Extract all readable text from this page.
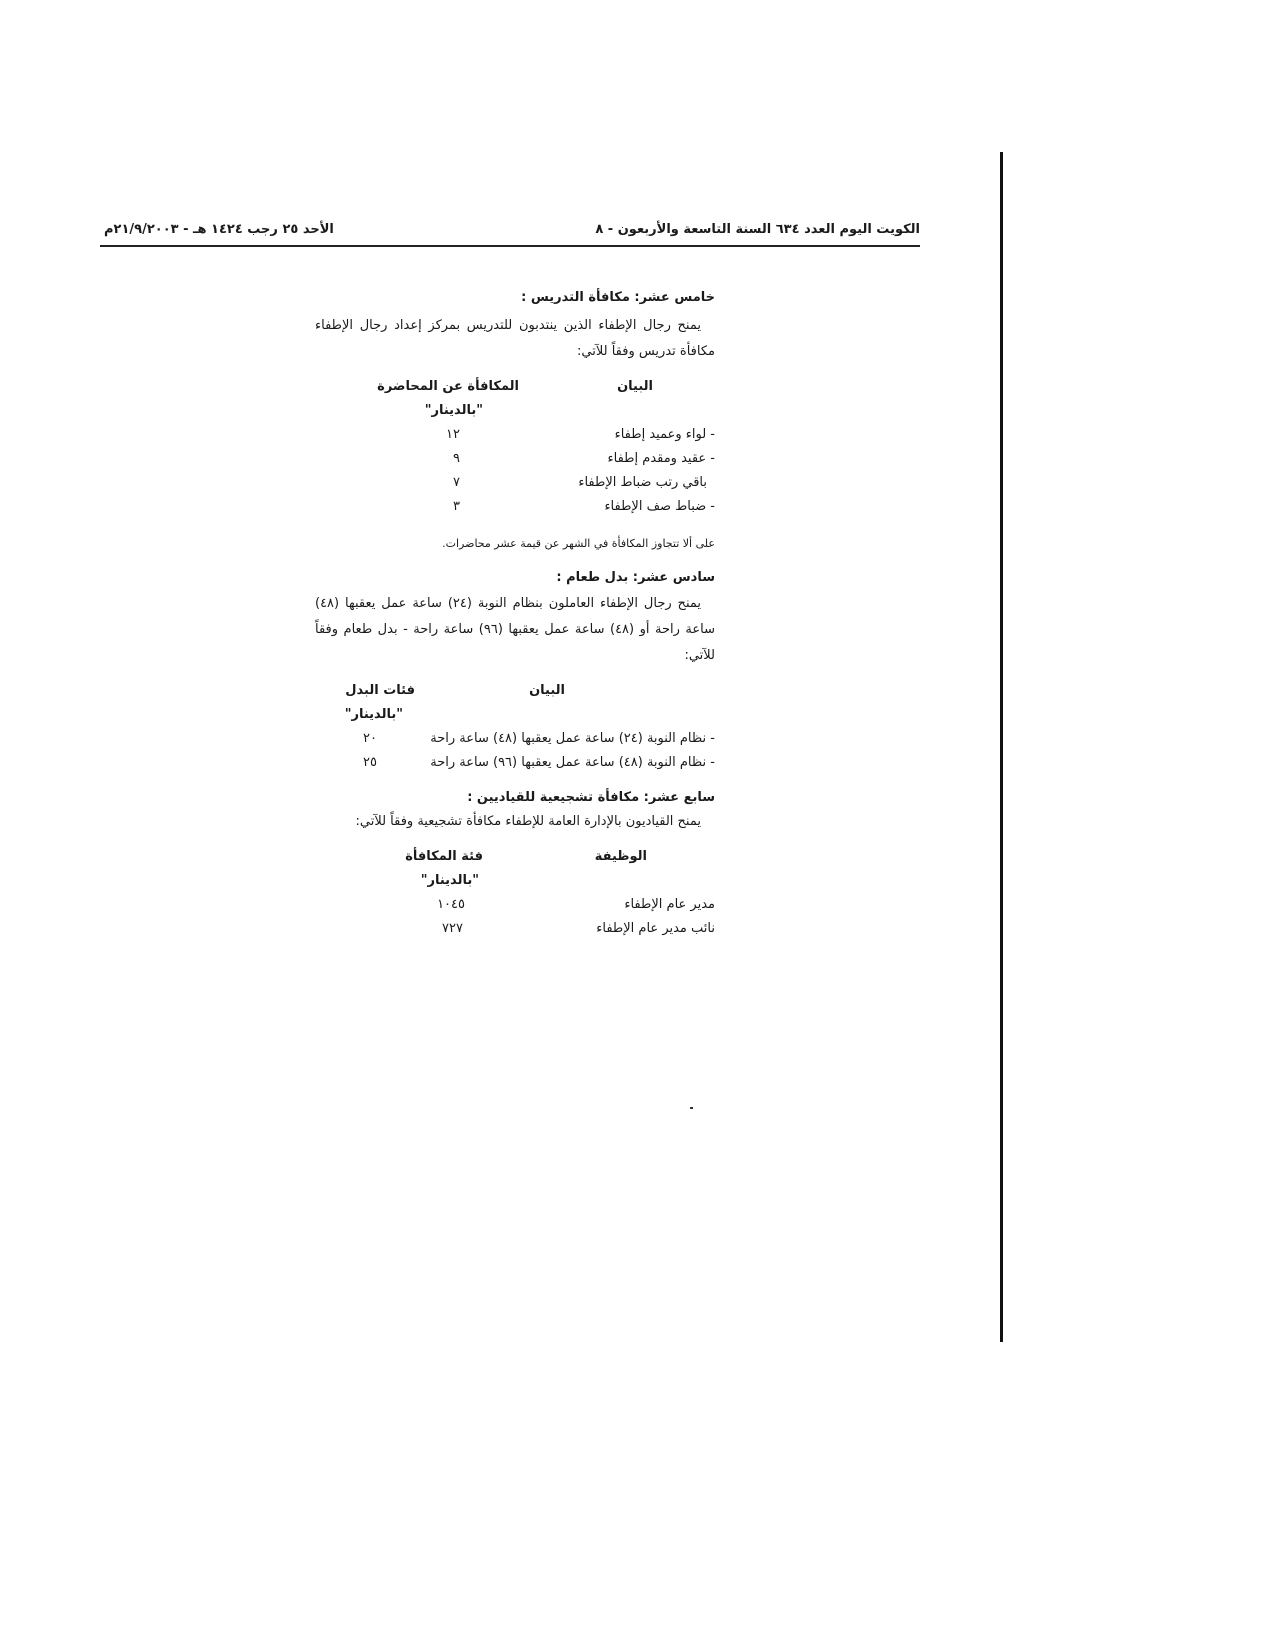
الكويت اليوم العدد ٦٣٤ السنة التاسعة والأربعون - ٨
الأحد ٢٥ رجب ١٤٢٤ هـ - ٢١/٩/٢٠٠٣م
خامس عشر: مكافأة التدريس :

يمنح رجال الإطفاء الذين ينتدبون للتدريس بمركز إعداد رجال الإطفاء مكافأة تدريس وفقاً للآتي:

البيان
المكافأة عن المحاضرة
"بالدينار"
- لواء وعميد إطفاء
١٢
- عقيد ومقدم إطفاء
٩
باقي رتب ضباط الإطفاء
٧
- ضباط صف الإطفاء
٣
على ألا تتجاوز المكافأة في الشهر عن قيمة عشر محاضرات.
سادس عشر: بدل طعام :

يمنح رجال الإطفاء العاملون بنظام النوبة (٢٤) ساعة عمل يعقبها (٤٨) ساعة راحة أو (٤٨) ساعة عمل يعقبها (٩٦) ساعة راحة - بدل طعام وفقاً للآتي:

البيان
فئات البدل
"بالدينار"
- نظام النوبة (٢٤) ساعة عمل يعقبها (٤٨) ساعة راحة
٢٠
- نظام النوبة (٤٨) ساعة عمل يعقبها (٩٦) ساعة راحة
٢٥
سابع عشر: مكافأة تشجيعية للقياديين :

يمنح القياديون بالإدارة العامة للإطفاء مكافأة تشجيعية وفقاً للآتي:

الوظيفة
فئة المكافأة
"بالدينار"
مدير عام الإطفاء
١٠٤٥
نائب مدير عام الإطفاء
٧٢٧
